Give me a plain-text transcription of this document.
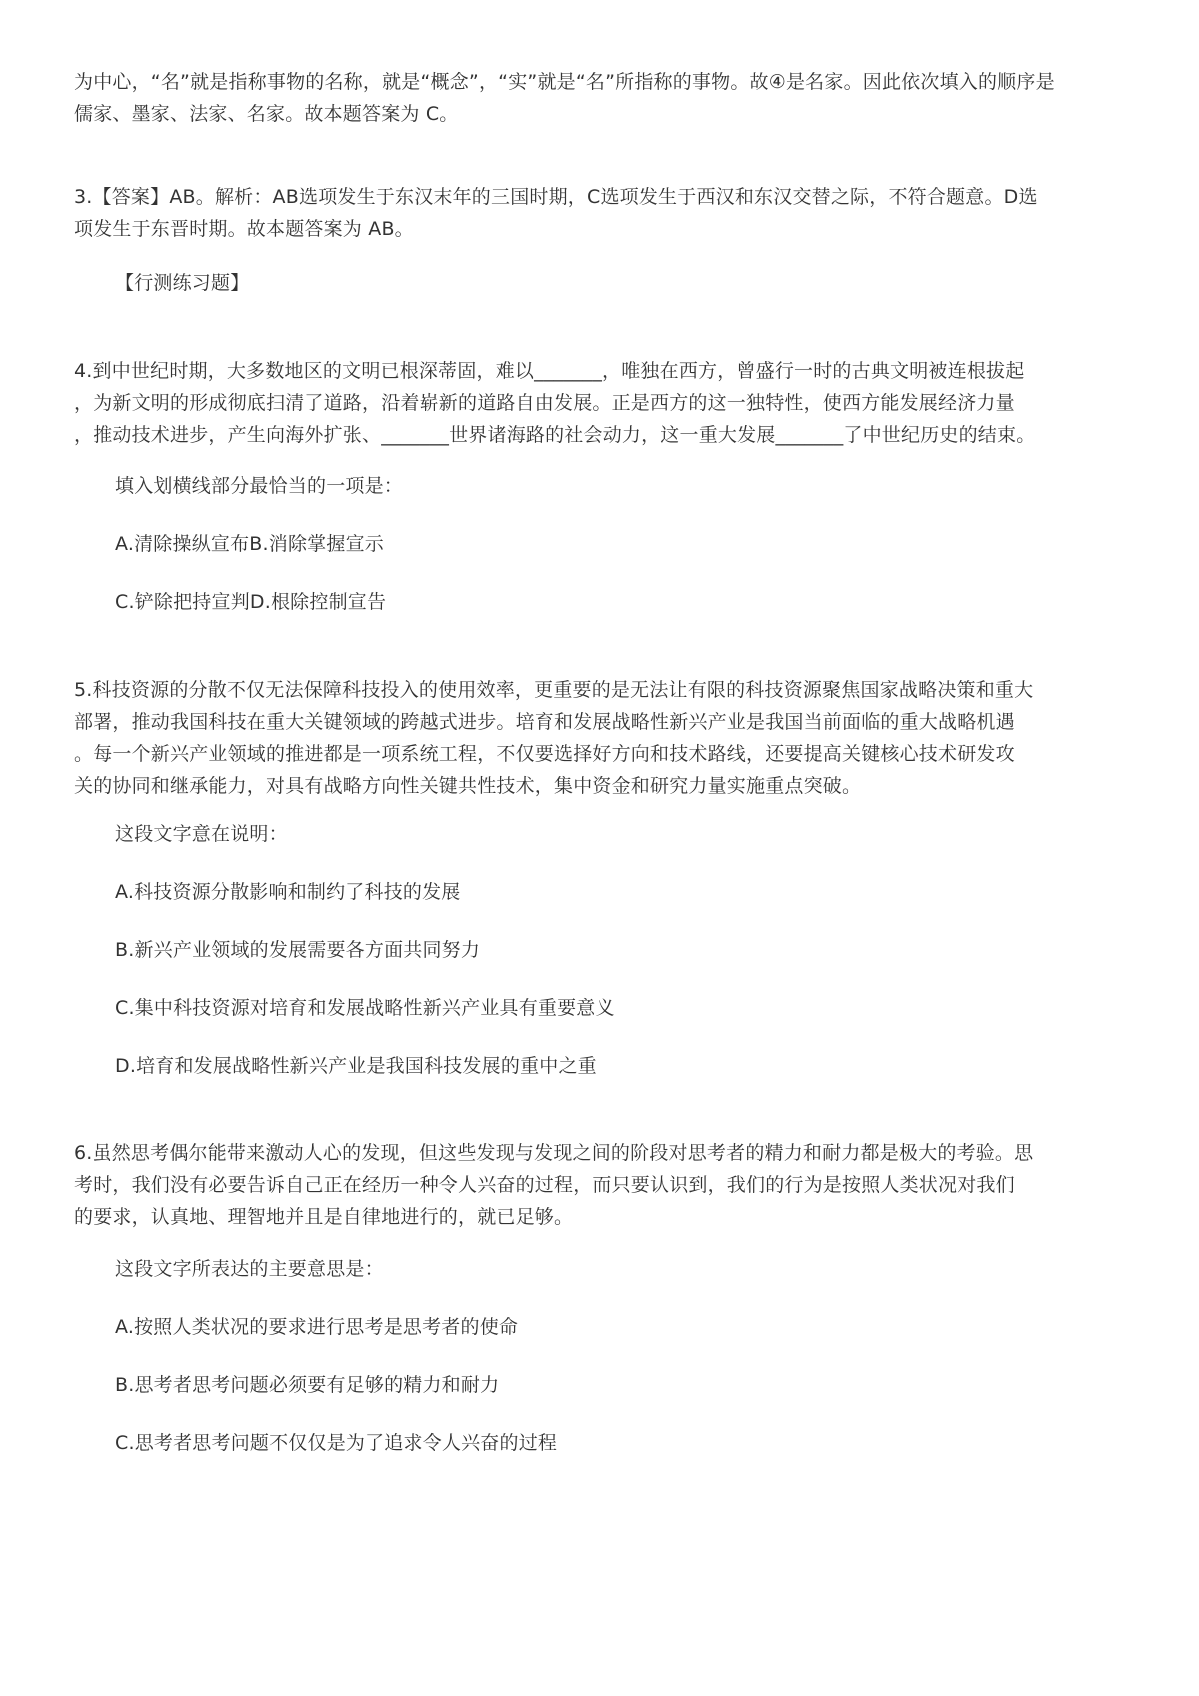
为中心，“名”就是指称事物的名称，就是“概念”，“实”就是“名”所指称的事物。故④是名家。因此依次填入的顺序是
儒家、墨家、法家、名家。故本题答案为 C。

3.【答案】AB。解析：AB选项发生于东汉末年的三国时期，C选项发生于西汉和东汉交替之际，不符合题意。D选
项发生于东晋时期。故本题答案为 AB。

【行测练习题】

4.到中世纪时期，大多数地区的文明已根深蒂固，难以_______，唯独在西方，曾盛行一时的古典文明被连根拔起
，为新文明的形成彻底扫清了道路，沿着崭新的道路自由发展。正是西方的这一独特性，使西方能发展经济力量
，推动技术进步，产生向海外扩张、_______世界诸海路的社会动力，这一重大发展_______了中世纪历史的结束。

填入划横线部分最恰当的一项是：

A.清除操纵宣布B.消除掌握宣示

C.铲除把持宣判D.根除控制宣告

5.科技资源的分散不仅无法保障科技投入的使用效率，更重要的是无法让有限的科技资源聚焦国家战略决策和重大
部署，推动我国科技在重大关键领域的跨越式进步。培育和发展战略性新兴产业是我国当前面临的重大战略机遇
。每一个新兴产业领域的推进都是一项系统工程，不仅要选择好方向和技术路线，还要提高关键核心技术研发攻
关的协同和继承能力，对具有战略方向性关键共性技术，集中资金和研究力量实施重点突破。

这段文字意在说明：

A.科技资源分散影响和制约了科技的发展

B.新兴产业领域的发展需要各方面共同努力

C.集中科技资源对培育和发展战略性新兴产业具有重要意义

D.培育和发展战略性新兴产业是我国科技发展的重中之重

6.虽然思考偶尔能带来激动人心的发现，但这些发现与发现之间的阶段对思考者的精力和耐力都是极大的考验。思
考时，我们没有必要告诉自己正在经历一种令人兴奋的过程，而只要认识到，我们的行为是按照人类状况对我们
的要求，认真地、理智地并且是自律地进行的，就已足够。

这段文字所表达的主要意思是：

A.按照人类状况的要求进行思考是思考者的使命

B.思考者思考问题必须要有足够的精力和耐力

C.思考者思考问题不仅仅是为了追求令人兴奋的过程
